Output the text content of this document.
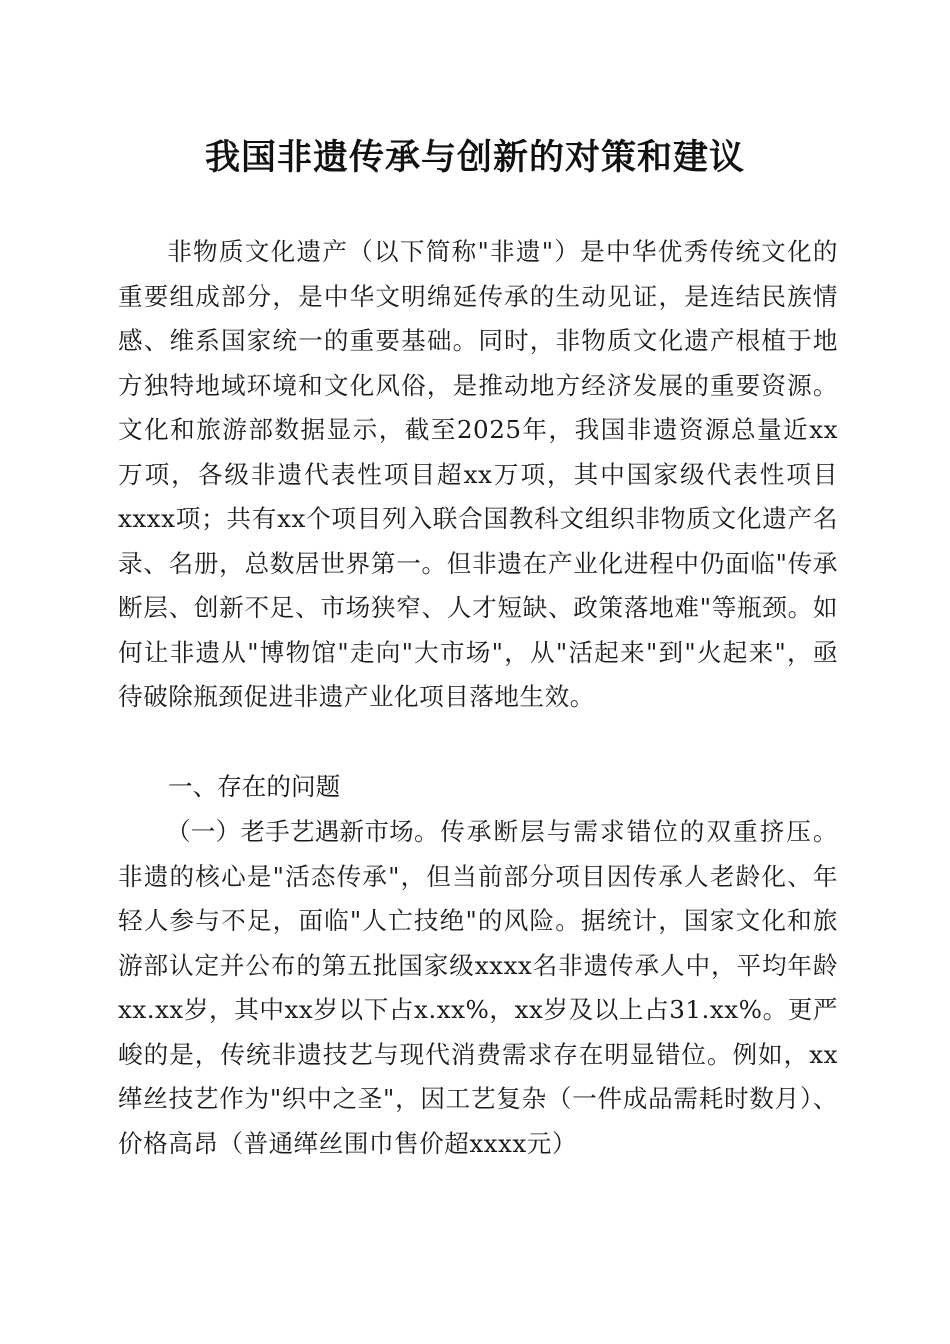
我国非遗传承与创新的对策和建议
非物质文化遗产（以下简称"非遗"）是中华优秀传统文化的重要组成部分，是中华文明绵延传承的生动见证，是连结民族情感、维系国家统一的重要基础。同时，非物质文化遗产根植于地方独特地域环境和文化风俗，是推动地方经济发展的重要资源。文化和旅游部数据显示，截至2025年，我国非遗资源总量近xx万项，各级非遗代表性项目超xx万项，其中国家级代表性项目xxxx项；共有xx个项目列入联合国教科文组织非物质文化遗产名录、名册，总数居世界第一。但非遗在产业化进程中仍面临"传承断层、创新不足、市场狭窄、人才短缺、政策落地难"等瓶颈。如何让非遗从"博物馆"走向"大市场"，从"活起来"到"火起来"，亟待破除瓶颈促进非遗产业化项目落地生效。
一、存在的问题
（一）老手艺遇新市场。传承断层与需求错位的双重挤压。非遗的核心是"活态传承"，但当前部分项目因传承人老龄化、年轻人参与不足，面临"人亡技绝"的风险。据统计，国家文化和旅游部认定并公布的第五批国家级xxxx名非遗传承人中，平均年龄xx.xx岁，其中xx岁以下占x.xx%，xx岁及以上占31.xx%。更严峻的是，传统非遗技艺与现代消费需求存在明显错位。例如，xx缂丝技艺作为"织中之圣"，因工艺复杂（一件成品需耗时数月）、价格高昂（普通缂丝围巾售价超xxxx元）
